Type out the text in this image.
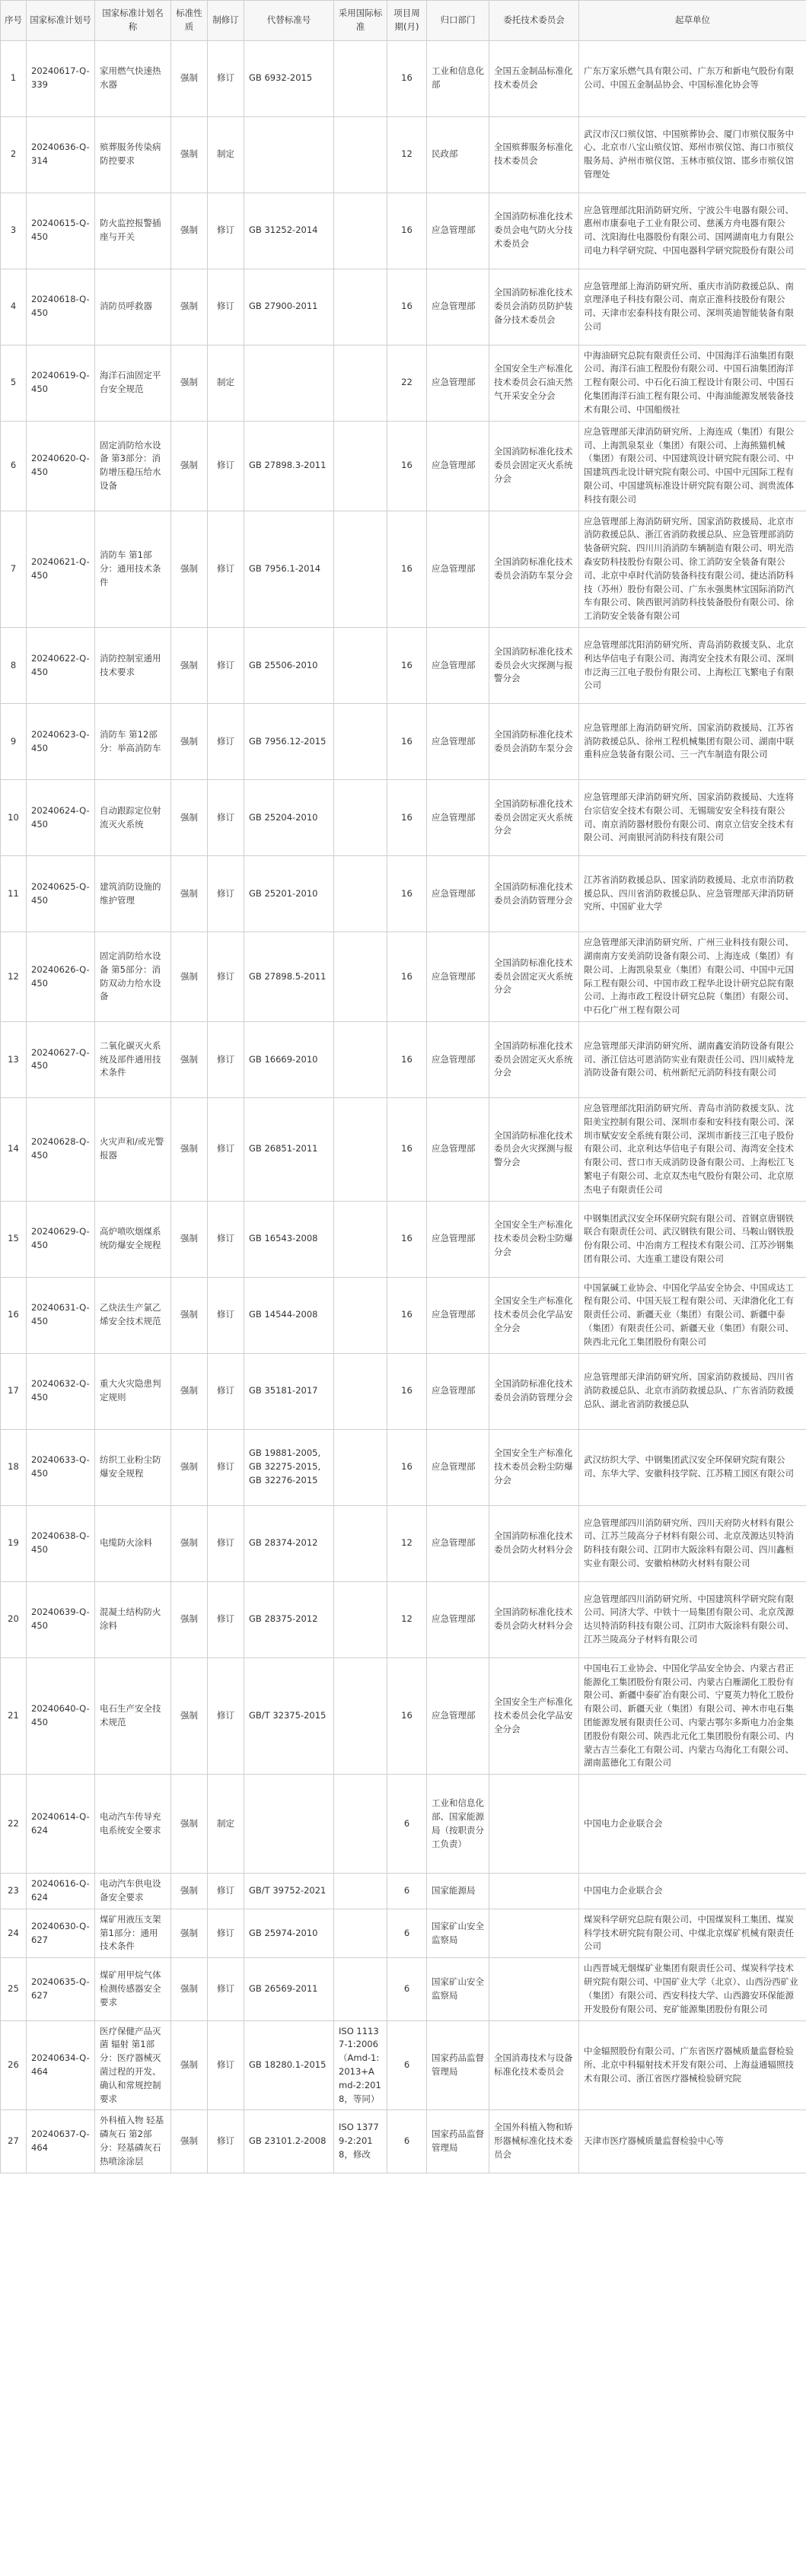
序号	国家标准计划号	国家标准计划名称	标准性质	制修订	代替标准号	采用国际标准	项目周期(月)	归口部门	委托技术委员会	起草单位
1	20240617-Q-339	家用燃气快速热水器	强制	修订	GB 6932-2015		16	工业和信息化部	全国五金制品标准化技术委员会	广东万家乐燃气具有限公司、广东万和新电气股份有限公司、中国五金制品协会、中国标准化协会等
2	20240636-Q-314	殡葬服务传染病防控要求	强制	制定			12	民政部	全国殡葬服务标准化技术委员会	武汉市汉口殡仪馆、中国殡葬协会、厦门市殡仪服务中心、北京市八宝山殡仪馆、郑州市殡仪馆、海口市殡仪服务局、泸州市殡仪馆、玉林市殡仪馆、邯乡市殡仪馆管理处
3	20240615-Q-450	防火监控报警插座与开关	强制	修订	GB 31252-2014		16	应急管理部	全国消防标准化技术委员会电气防火分技术委员会	应急管理部沈阳消防研究所、宁波公牛电器有限公司、惠州市康泰电子工业有限公司、慈溪方舟电器有限公司、沈阳海仕电器股份有限公司、国网湖南电力有限公司电力科学研究院、中国电器科学研究院股份有限公司
4	20240618-Q-450	消防员呼救器	强制	修订	GB 27900-2011		16	应急管理部	全国消防标准化技术委员会消防员防护装备分技术委员会	应急管理部上海消防研究所、重庆市消防救援总队、南京理泽电子科技有限公司、南京正淮科技股份有限公司、天津市宏泰科技有限公司、深圳英迪智能装备有限公司
5	20240619-Q-450	海洋石油固定平台安全规范	强制	制定			22	应急管理部	全国安全生产标准化技术委员会石油天然气开采安全分会	中海油研究总院有限责任公司、中国海洋石油集团有限公司、海洋石油工程股份有限公司、中国石油集团海洋工程有限公司、中石化石油工程设计有限公司、中国石化集团海洋石油工程有限公司、中海油能源发展装备技术有限公司、中国船级社
6	20240620-Q-450	固定消防给水设备 第3部分：消防增压稳压给水设备	强制	修订	GB 27898.3-2011		16	应急管理部	全国消防标准化技术委员会固定灭火系统分会	应急管理部天津消防研究所、上海连成（集团）有限公司、上海凯泉泵业（集团）有限公司、上海熊猫机械（集团）有限公司、中国建筑设计研究院有限公司、中国建筑西北设计研究院有限公司、中国中元国际工程有限公司、中国建筑标准设计研究院有限公司、润贵流体科技有限公司
7	20240621-Q-450	消防车 第1部分：通用技术条件	强制	修订	GB 7956.1-2014		16	应急管理部	全国消防标准化技术委员会消防车泵分会	应急管理部上海消防研究所、国家消防救援局、北京市消防救援总队、浙江省消防救援总队、应急管理部消防装备研究院、四川川消消防车辆制造有限公司、明光浩森安防科技股份有限公司、徐工消防安全装备有限公司、北京中卓时代消防装备科技有限公司、捷达消防科技（苏州）股份有限公司、广东永强奥林宝国际消防汽车有限公司、陕西银河消防科技装备股份有限公司、徐工消防安全装备有限公司
8	20240622-Q-450	消防控制室通用技术要求	强制	修订	GB 25506-2010		16	应急管理部	全国消防标准化技术委员会火灾探测与报警分会	应急管理部沈阳消防研究所、青岛消防救援支队、北京利达华信电子有限公司、海湾安全技术有限公司、深圳市泛海三江电子股份有限公司、上海松江飞繁电子有限公司
9	20240623-Q-450	消防车 第12部分：举高消防车	强制	修订	GB 7956.12-2015		16	应急管理部	全国消防标准化技术委员会消防车泵分会	应急管理部上海消防研究所、国家消防救援局、江苏省消防救援总队、徐州工程机械集团有限公司、湖南中联重科应急装备有限公司、三一汽车制造有限公司
10	20240624-Q-450	自动跟踪定位射流灭火系统	强制	修订	GB 25204-2010		16	应急管理部	全国消防标准化技术委员会固定灭火系统分会	应急管理部天津消防研究所、国家消防救援局、大连将台宗信安全技术有限公司、无锡瑞安安全科技有限公司、南京消防器材股份有限公司、南京立信安全技术有限公司、河南银河消防科技有限公司
11	20240625-Q-450	建筑消防设施的维护管理	强制	修订	GB 25201-2010		16	应急管理部	全国消防标准化技术委员会消防管理分会	江苏省消防救援总队、国家消防救援局、北京市消防救援总队、四川省消防救援总队、应急管理部天津消防研究所、中国矿业大学
12	20240626-Q-450	固定消防给水设备 第5部分：消防双动力给水设备	强制	修订	GB 27898.5-2011		16	应急管理部	全国消防标准化技术委员会固定灭火系统分会	应急管理部天津消防研究所、广州三业科技有限公司、湖南南方安美消防设备有限公司、上海连成（集团）有限公司、上海凯泉泵业（集团）有限公司、中国中元国际工程有限公司、中国市政工程华北设计研究总院有限公司、上海市政工程设计研究总院（集团）有限公司、中石化广州工程有限公司
13	20240627-Q-450	二氧化碳灭火系统及部件通用技术条件	强制	修订	GB 16669-2010		16	应急管理部	全国消防标准化技术委员会固定灭火系统分会	应急管理部天津消防研究所、湖南鑫安消防设备有限公司、浙江信达可恩消防实业有限责任公司、四川威特龙消防设备有限公司、杭州新纪元消防科技有限公司
14	20240628-Q-450	火灾声和/或光警报器	强制	修订	GB 26851-2011		16	应急管理部	全国消防标准化技术委员会火灾探测与报警分会	应急管理部沈阳消防研究所、青岛市消防救援支队、沈阳美宝控制有限公司、深圳市泰和安科技有限公司、深圳市赋安安全系统有限公司、深圳市新技三江电子股份有限公司、北京利达华信电子有限公司、海湾安全技术有限公司、营口市天成消防设备有限公司、上海松江飞繁电子有限公司、北京双杰电气股份有限公司、北京原杰电子有限责任公司
15	20240629-Q-450	高炉喷吹烟煤系统防爆安全规程	强制	修订	GB 16543-2008		16	应急管理部	全国安全生产标准化技术委员会粉尘防爆分会	中钢集团武汉安全环保研究院有限公司、首钢京唐钢铁联合有限责任公司、武汉钢铁有限公司、马鞍山钢铁股份有限公司、中冶南方工程技术有限公司、江苏沙钢集团有限公司、大连重工建设有限公司
16	20240631-Q-450	乙炔法生产氯乙烯安全技术规范	强制	修订	GB 14544-2008		16	应急管理部	全国安全生产标准化技术委员会化学品安全分会	中国氯碱工业协会、中国化学品安全协会、中国成达工程有限公司、中国天辰工程有限公司、天津渤化化工有限责任公司、新疆天业（集团）有限公司、新疆中泰（集团）有限责任公司、新疆天业（集团）有限公司、陕西北元化工集团股份有限公司
17	20240632-Q-450	重大火灾隐患判定规则	强制	修订	GB 35181-2017		16	应急管理部	全国消防标准化技术委员会消防管理分会	应急管理部天津消防研究所、国家消防救援局、四川省消防救援总队、北京市消防救援总队、广东省消防救援总队、湖北省消防救援总队
18	20240633-Q-450	纺织工业粉尘防爆安全规程	强制	修订	GB 19881-2005, GB 32275-2015, GB 32276-2015		16	应急管理部	全国安全生产标准化技术委员会粉尘防爆分会	武汉纺织大学、中钢集团武汉安全环保研究院有限公司、东华大学、安徽科技学院、江苏精工园区有限公司
19	20240638-Q-450	电缆防火涂料	强制	修订	GB 28374-2012		12	应急管理部	全国消防标准化技术委员会防火材料分会	应急管理部四川消防研究所、四川天府防火材料有限公司、江苏兰陵高分子材料有限公司、北京茂源达贝特消防科技有限公司、江阴市大阪涂料有限公司、四川鑫桓实业有限公司、安徽柏林防火材料有限公司
20	20240639-Q-450	混凝土结构防火涂料	强制	修订	GB 28375-2012		12	应急管理部	全国消防标准化技术委员会防火材料分会	应急管理部四川消防研究所、中国建筑科学研究院有限公司、同济大学、中铁十一局集团有限公司、北京茂源达贝特消防科技有限公司、江阴市大阪涂料有限公司、江苏兰陵高分子材料有限公司
21	20240640-Q-450	电石生产安全技术规范	强制	修订	GB/T 32375-2015		16	应急管理部	全国安全生产标准化技术委员会化学品安全分会	中国电石工业协会、中国化学品安全协会、内蒙古君正能源化工集团股份有限公司、内蒙古白雁湖化工股份有限公司、新疆中泰矿冶有限公司、宁夏英力特化工股份有限公司、新疆天业（集团）有限公司、神木市电石集团能源发展有限责任公司、内蒙古鄂尔多斯电力冶金集团股份有限公司、陕西北元化工集团股份有限公司、内蒙古吉兰泰化工有限公司、内蒙古乌海化工有限公司、湖南蓝德化工有限公司
22	20240614-Q-624	电动汽车传导充电系统安全要求	强制	制定			6	工业和信息化部、国家能源局（按职责分工负责）		中国电力企业联合会
23	20240616-Q-624	电动汽车供电设备安全要求	强制	修订	GB/T 39752-2021		6	国家能源局		中国电力企业联合会
24	20240630-Q-627	煤矿用液压支架 第1部分：通用技术条件	强制	修订	GB 25974-2010		6	国家矿山安全监察局		煤炭科学研究总院有限公司、中国煤炭科工集团、煤炭科学技术研究院有限公司、中煤北京煤矿机械有限责任公司
25	20240635-Q-627	煤矿用甲烷气体检测传感器安全要求	强制	修订	GB 26569-2011		6	国家矿山安全监察局		山西晋城无烟煤矿业集团有限责任公司、煤炭科学技术研究院有限公司、中国矿业大学（北京）、山西汾西矿业（集团）有限公司、西安科技大学、山西潞安环保能源开发股份有限公司、兖矿能源集团股份有限公司
26	20240634-Q-464	医疗保健产品灭菌 辐射 第1部分：医疗器械灭菌过程的开发、确认和常规控制要求	强制	修订	GB 18280.1-2015	ISO 11137-1:2006（Amd-1:2013+Amd-2:2018，等同）	6	国家药品监督管理局	全国消毒技术与设备标准化技术委员会	中金辐照股份有限公司、广东省医疗器械质量监督检验所、北京中科辐射技术开发有限公司、上海益通辐照技术有限公司、浙江省医疗器械检验研究院
27	20240637-Q-464	外科植入物 轻基磷灰石 第2部分：羟基磷灰石热喷涂涂层	强制	修订	GB 23101.2-2008	ISO 13779-2:2018，修改	6	国家药品监督管理局	全国外科植入物和矫形器械标准化技术委员会	天津市医疗器械质量监督检验中心等
